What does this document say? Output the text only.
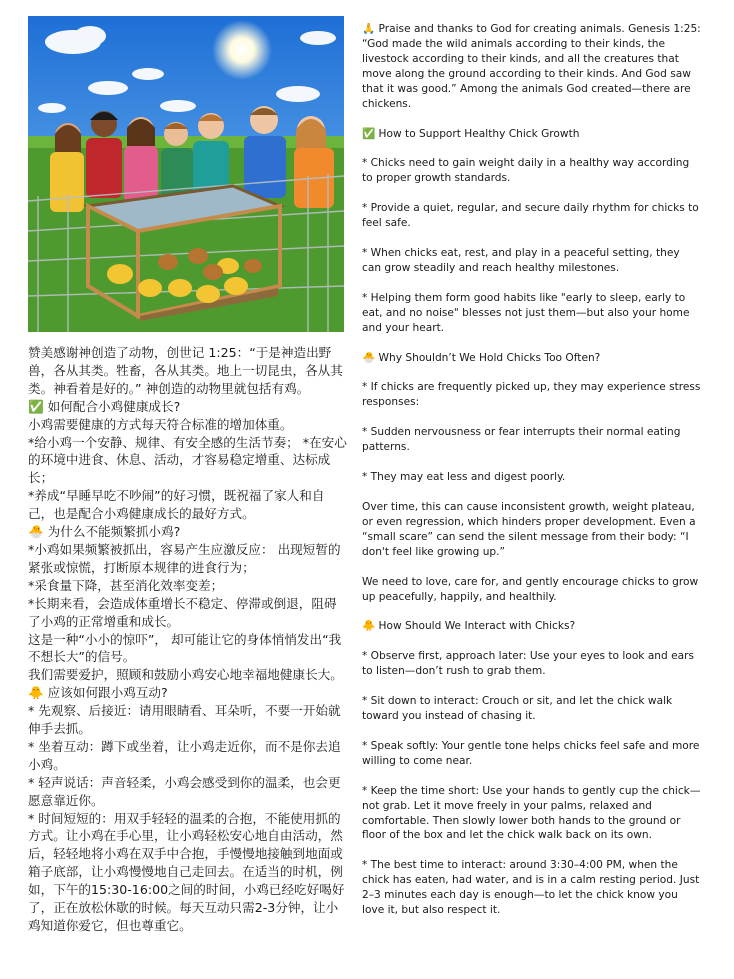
赞美感谢神创造了动物，创世记 1:25：“于是神造出野兽，各从其类。牲畜，各从其类。地上一切昆虫，各从其类。神看着是好的。” 神创造的动物里就包括有鸡。

✅ 如何配合小鸡健康成长?

小鸡需要健康的方式每天符合标准的增加体重。

*给小鸡一个安静、规律、有安全感的生活节奏； *在安心的环境中进食、休息、活动，才容易稳定增重、达标成长；

*养成“早睡早吃不吵闹”的好习惯，既祝福了家人和自己，也是配合小鸡健康成长的最好方式。

🐣 为什么不能频繁抓小鸡?

*小鸡如果频繁被抓出，容易产生应激反应： 出现短暂的紧张或惊慌，打断原本规律的进食行为；

*采食量下降，甚至消化效率变差；

*长期来看，会造成体重增长不稳定、停滞或倒退，阻碍了小鸡的正常增重和成长。

这是一种“小小的惊吓”， 却可能让它的身体悄悄发出“我不想长大”的信号。

我们需要爱护，照顾和鼓励小鸡安心地幸福地健康长大。

🐥 应该如何跟小鸡互动?

* 先观察、后接近：请用眼睛看、耳朵听，不要一开始就伸手去抓。

* 坐着互动：蹲下或坐着，让小鸡走近你，而不是你去追小鸡。

* 轻声说话：声音轻柔，小鸡会感受到你的温柔，也会更愿意靠近你。

* 时间短短的：用双手轻轻的温柔的合抱，不能使用抓的方式。让小鸡在手心里，让小鸡轻松安心地自由活动，然后，轻轻地将小鸡在双手中合抱，手慢慢地接触到地面或箱子底部，让小鸡慢慢地自己走回去。在适当的时机，例如，下午的15:30-16:00之间的时间，小鸡已经吃好喝好了，正在放松休歇的时候。每天互动只需2-3分钟，让小鸡知道你爱它，但也尊重它。

🙏 Praise and thanks to God for creating animals. Genesis 1:25: “God made the wild animals according to their kinds, the livestock according to their kinds, and all the creatures that move along the ground according to their kinds. And God saw that it was good.” Among the animals God created—there are chickens.

✅ How to Support Healthy Chick Growth

* Chicks need to gain weight daily in a healthy way according to proper growth standards.

* Provide a quiet, regular, and secure daily rhythm for chicks to feel safe.

* When chicks eat, rest, and play in a peaceful setting, they can grow steadily and reach healthy milestones.

* Helping them form good habits like "early to sleep, early to eat, and no noise" blesses not just them—but also your home and your heart.

🐣 Why Shouldn’t We Hold Chicks Too Often?

* If chicks are frequently picked up, they may experience stress responses:

* Sudden nervousness or fear interrupts their normal eating patterns.

* They may eat less and digest poorly.

Over time, this can cause inconsistent growth, weight plateau, or even regression, which hinders proper development. Even a “small scare” can send the silent message from their body: “I don't feel like growing up.”

We need to love, care for, and gently encourage chicks to grow up peacefully, happily, and healthily.

🐥 How Should We Interact with Chicks?

* Observe first, approach later: Use your eyes to look and ears to listen—don’t rush to grab them.

* Sit down to interact: Crouch or sit, and let the chick walk toward you instead of chasing it.

* Speak softly: Your gentle tone helps chicks feel safe and more willing to come near.

* Keep the time short: Use your hands to gently cup the chick—not grab. Let it move freely in your palms, relaxed and comfortable. Then slowly lower both hands to the ground or floor of the box and let the chick walk back on its own.

* The best time to interact: around 3:30–4:00 PM, when the chick has eaten, had water, and is in a calm resting period. Just 2–3 minutes each day is enough—to let the chick know you love it, but also respect it.
